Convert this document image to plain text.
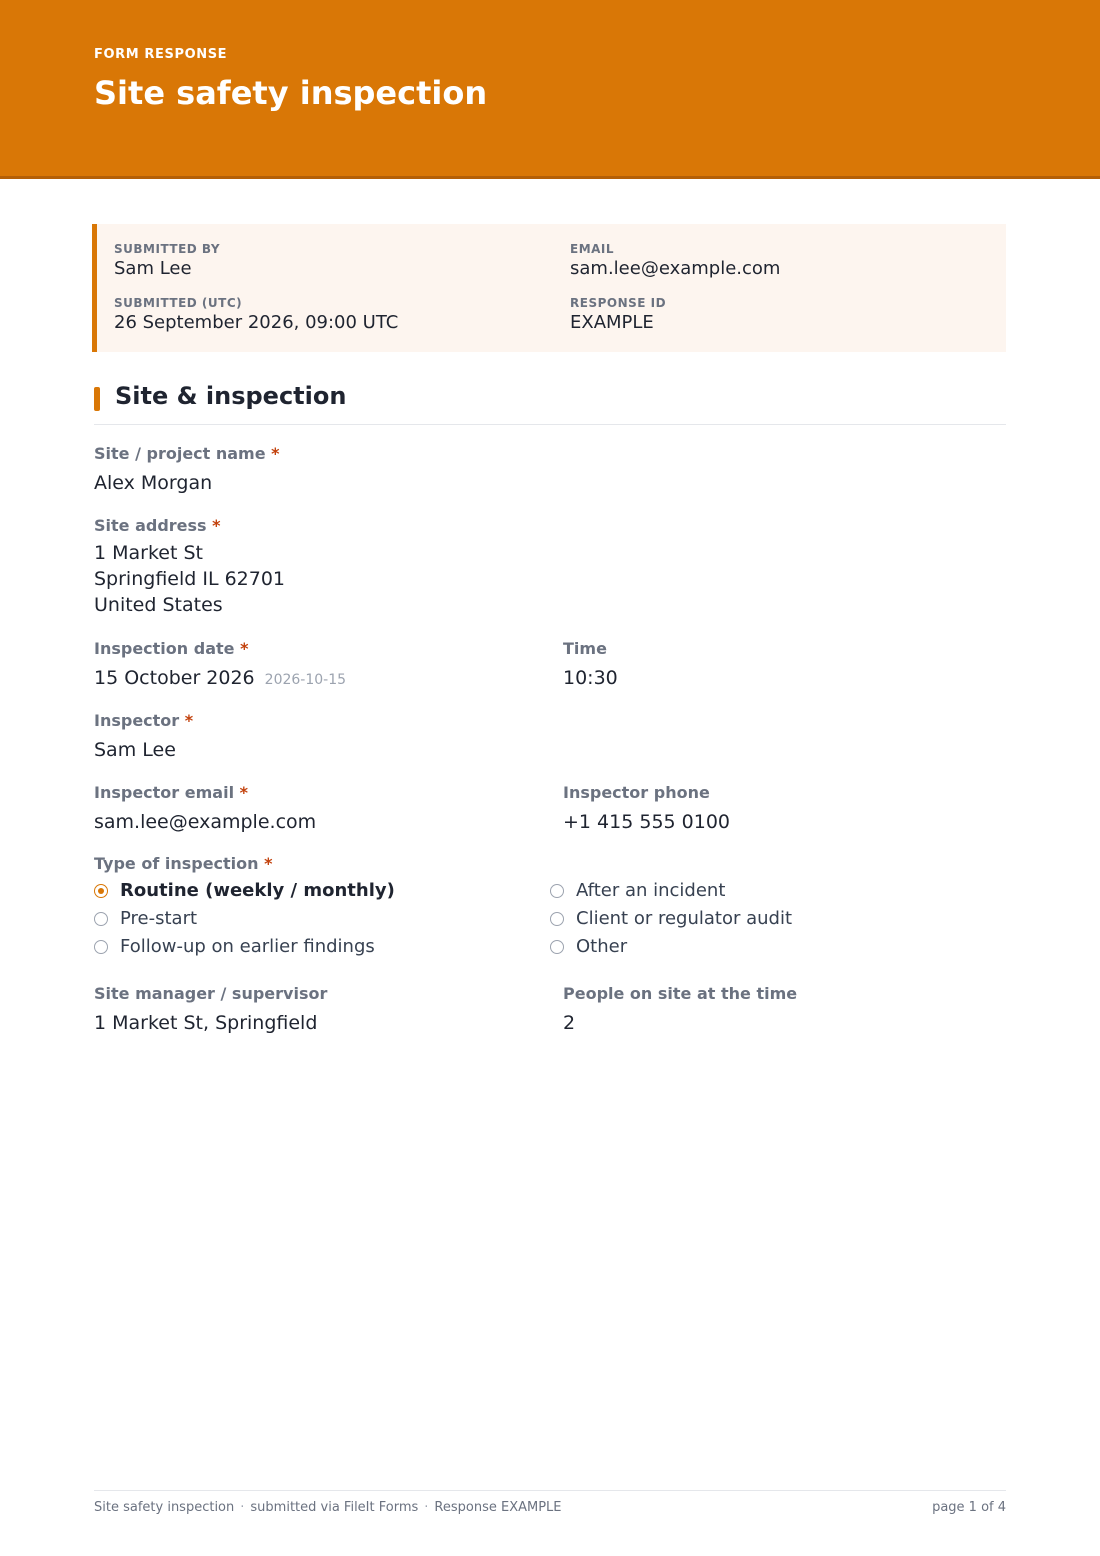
FORM RESPONSE
Site safety inspection
SUBMITTED BY
Sam Lee
EMAIL
sam.lee@example.com
SUBMITTED (UTC)
26 September 2026, 09:00 UTC
RESPONSE ID
EXAMPLE
Site & inspection
Site / project name *
Alex Morgan
Site address *
1 Market St
Springfield IL 62701
United States
Inspection date *
15 October 2026 2026-10-15
Time
10:30
Inspector *
Sam Lee
Inspector email *
sam.lee@example.com
Inspector phone
+1 415 555 0100
Type of inspection *
Routine (weekly / monthly)	After an incident
Pre-start	Client or regulator audit
Follow-up on earlier findings	Other
Site manager / supervisor
1 Market St, Springfield
People on site at the time
2
Site safety inspection · submitted via FileIt Forms · Response EXAMPLE	page 1 of 4
